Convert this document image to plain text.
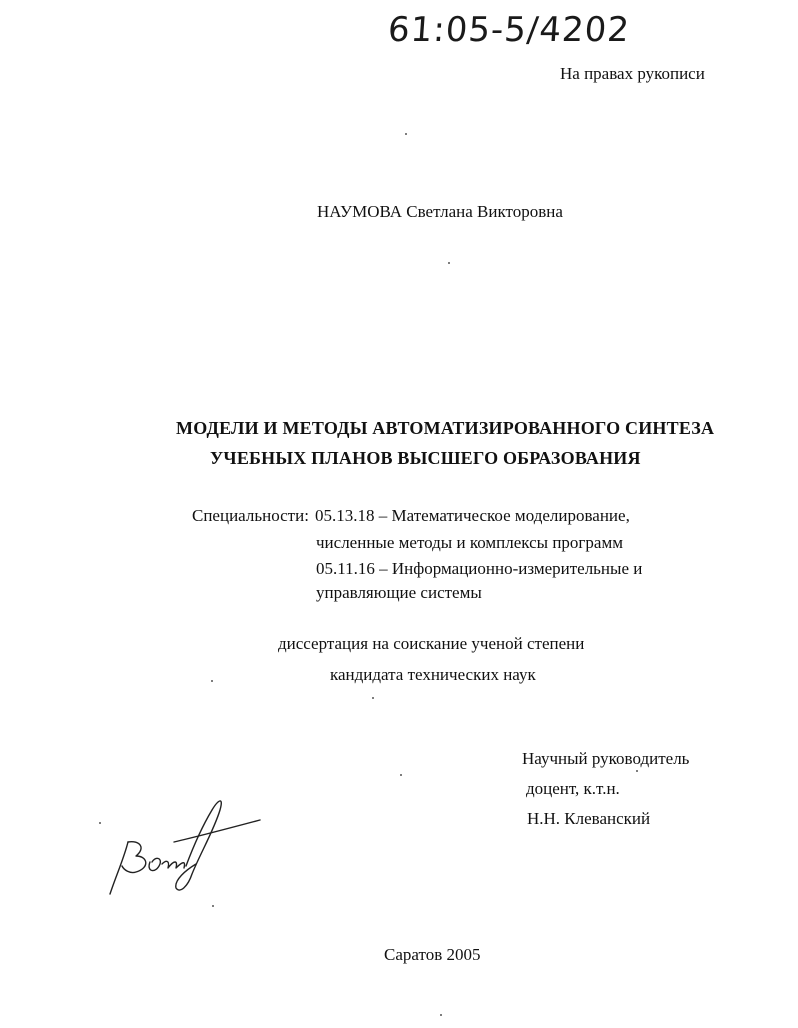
61:05-5/4202
На правах рукописи
НАУМОВА Светлана Викторовна
МОДЕЛИ И МЕТОДЫ АВТОМАТИЗИРОВАННОГО СИНТЕЗА
УЧЕБНЫХ ПЛАНОВ ВЫСШЕГО ОБРАЗОВАНИЯ
Специальности: 05.13.18 – Математическое моделирование,
численные методы и комплексы программ
05.11.16 – Информационно-измерительные и
управляющие системы
диссертация на соискание ученой степени
кандидата технических наук
Научный руководитель
доцент, к.т.н.
Н.Н. Клеванский
Саратов 2005
